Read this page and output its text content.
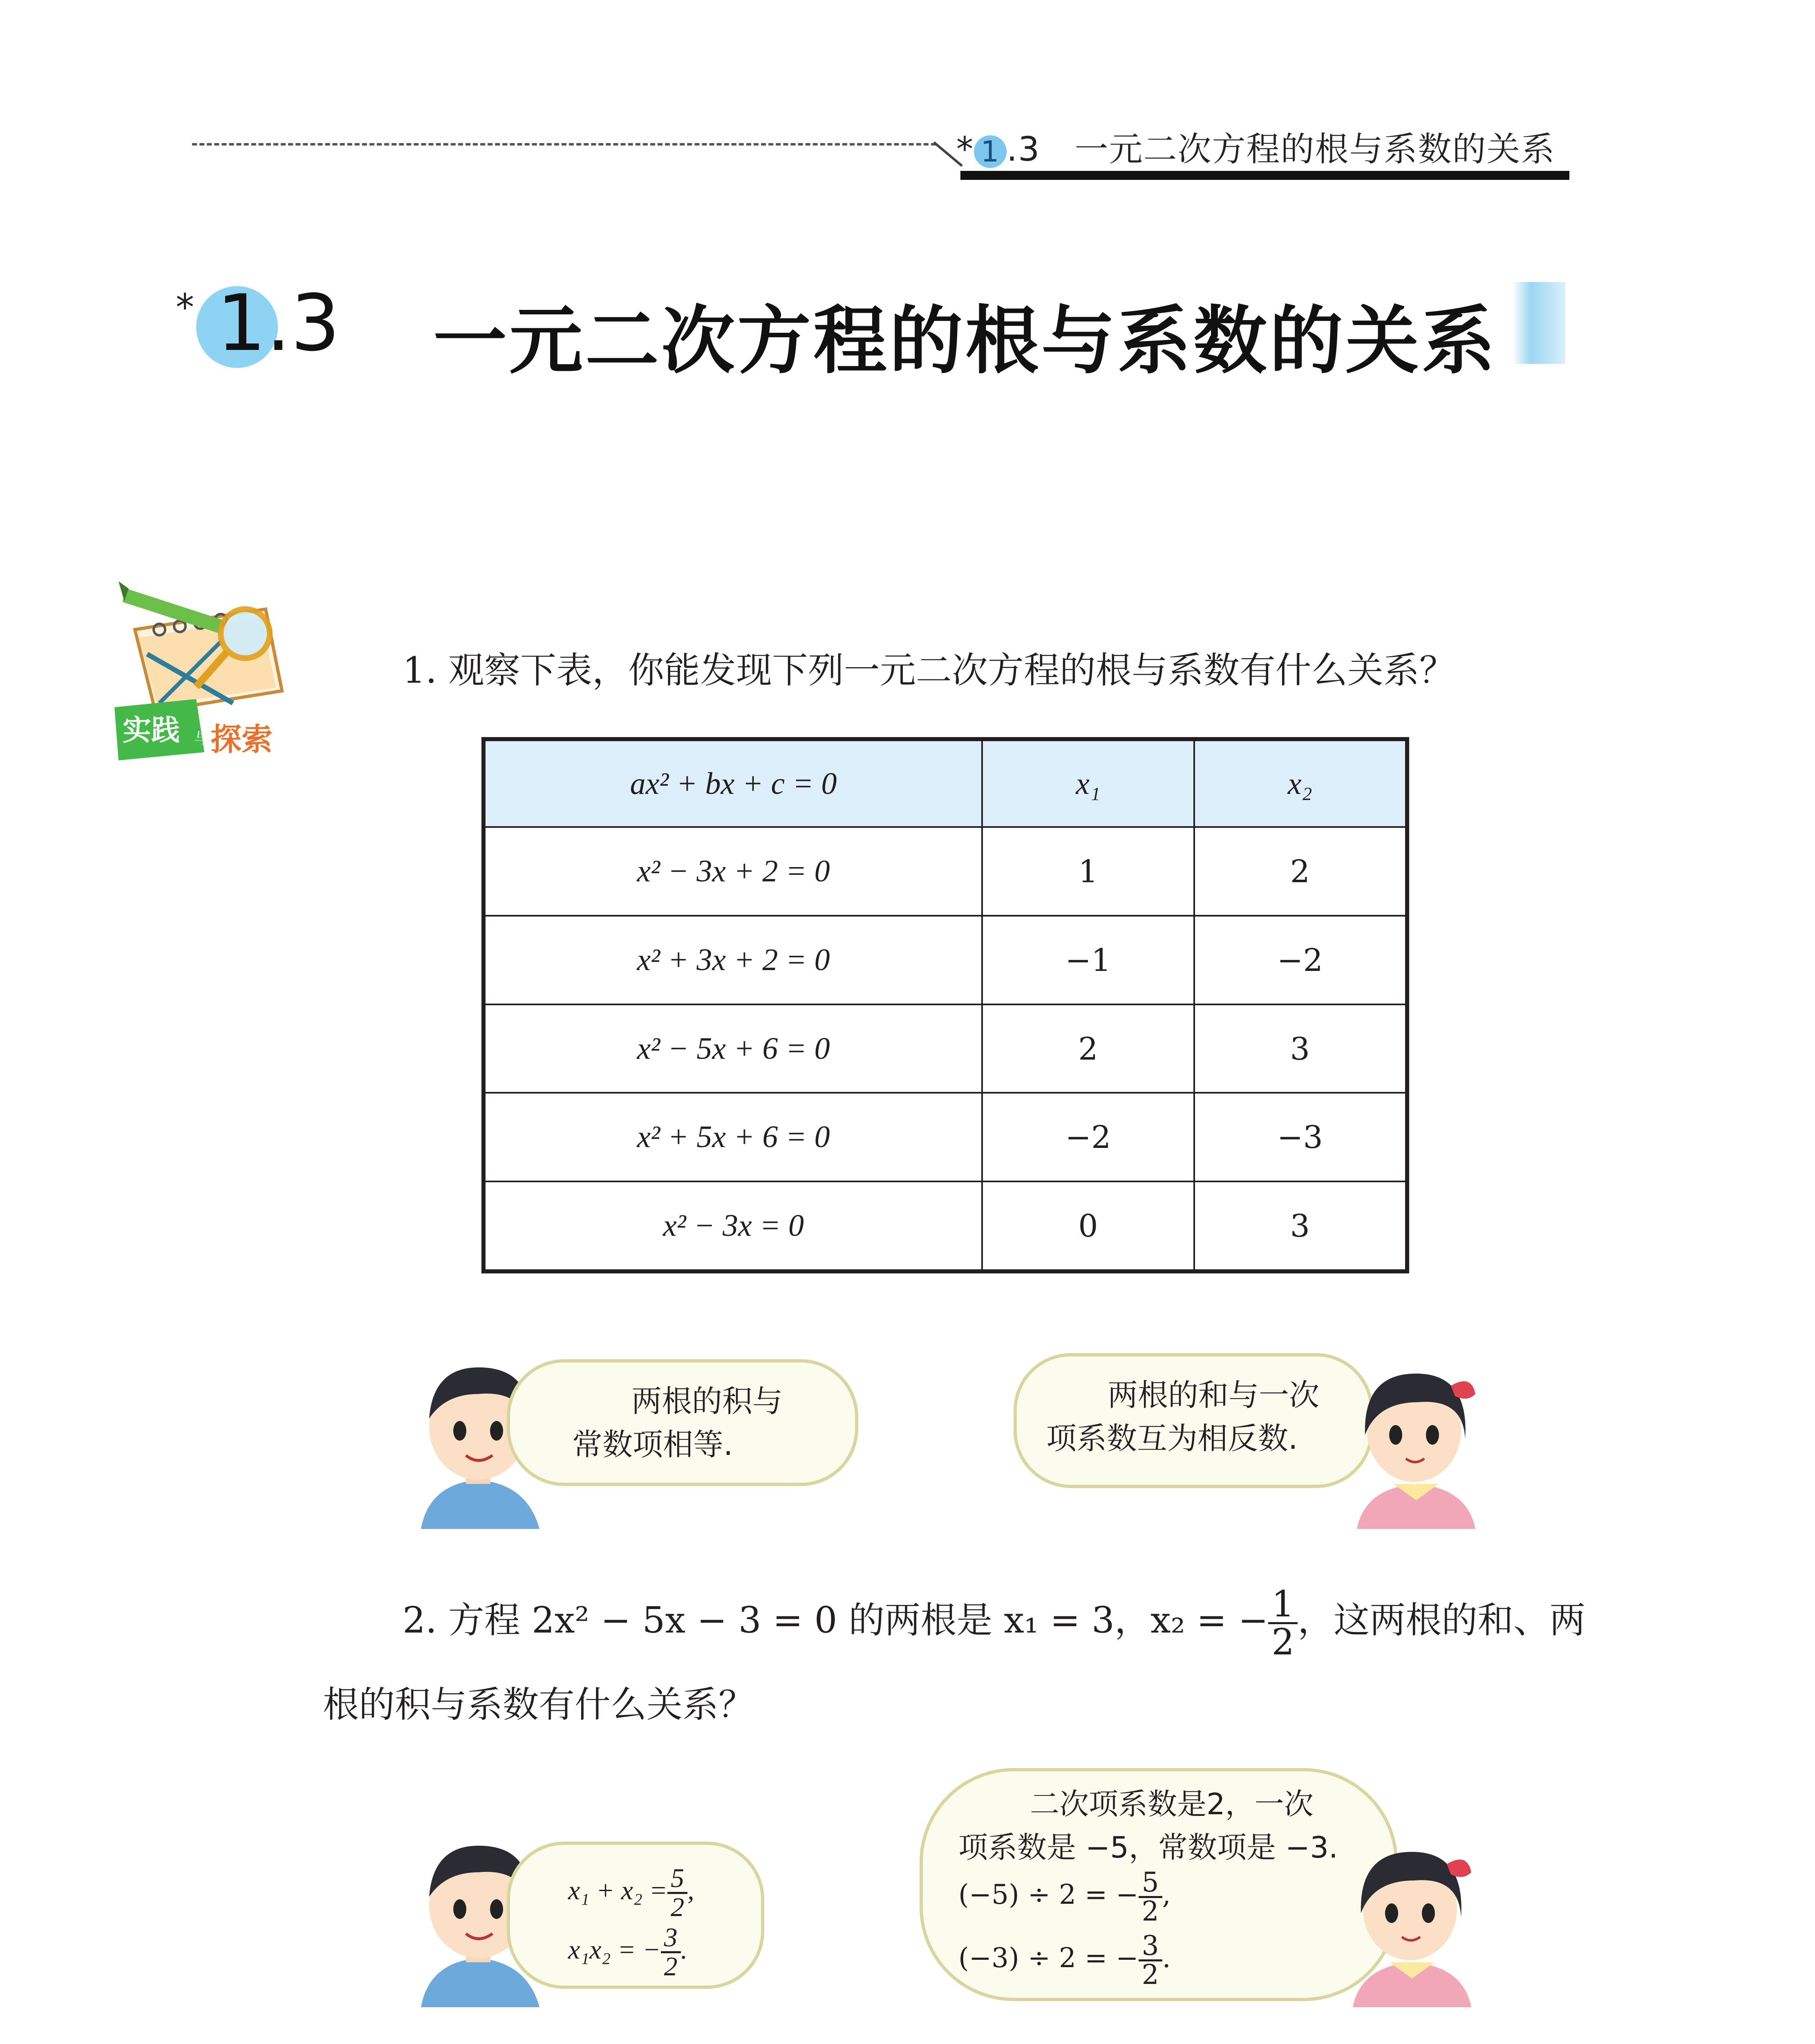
* 1 .3 一元二次方程的根与系数的关系
* 1.3 一元二次方程的根与系数的关系
实践 与 探索
1. 观察下表，你能发现下列一元二次方程的根与系数有什么关系？
ax² + bx + c = 0	x₁	x₂
x² − 3x + 2 = 0	1	2
x² + 3x + 2 = 0	−1	−2
x² − 5x + 6 = 0	2	3
x² + 5x + 6 = 0	−2	−3
x² − 3x = 0	0	3
两根的积与
常数项相等.
两根的和与一次
项系数互为相反数.
2. 方程 2x² − 5x − 3 = 0 的两根是 x₁ = 3，x₂ = − $\frac{1}{2}$ ，这两根的和、两
根的积与系数有什么关系？
$x_1 + x_2 = \frac{5}{2}$ ,
x₁x₂ = − $\frac{3}{2}$ .
二次项系数是2，一次
项系数是 −5，常数项是 −3.
(−5) ÷ 2 = − $\frac{5}{2}$ ,
(−3) ÷ 2 = − $\frac{3}{2}$ .
